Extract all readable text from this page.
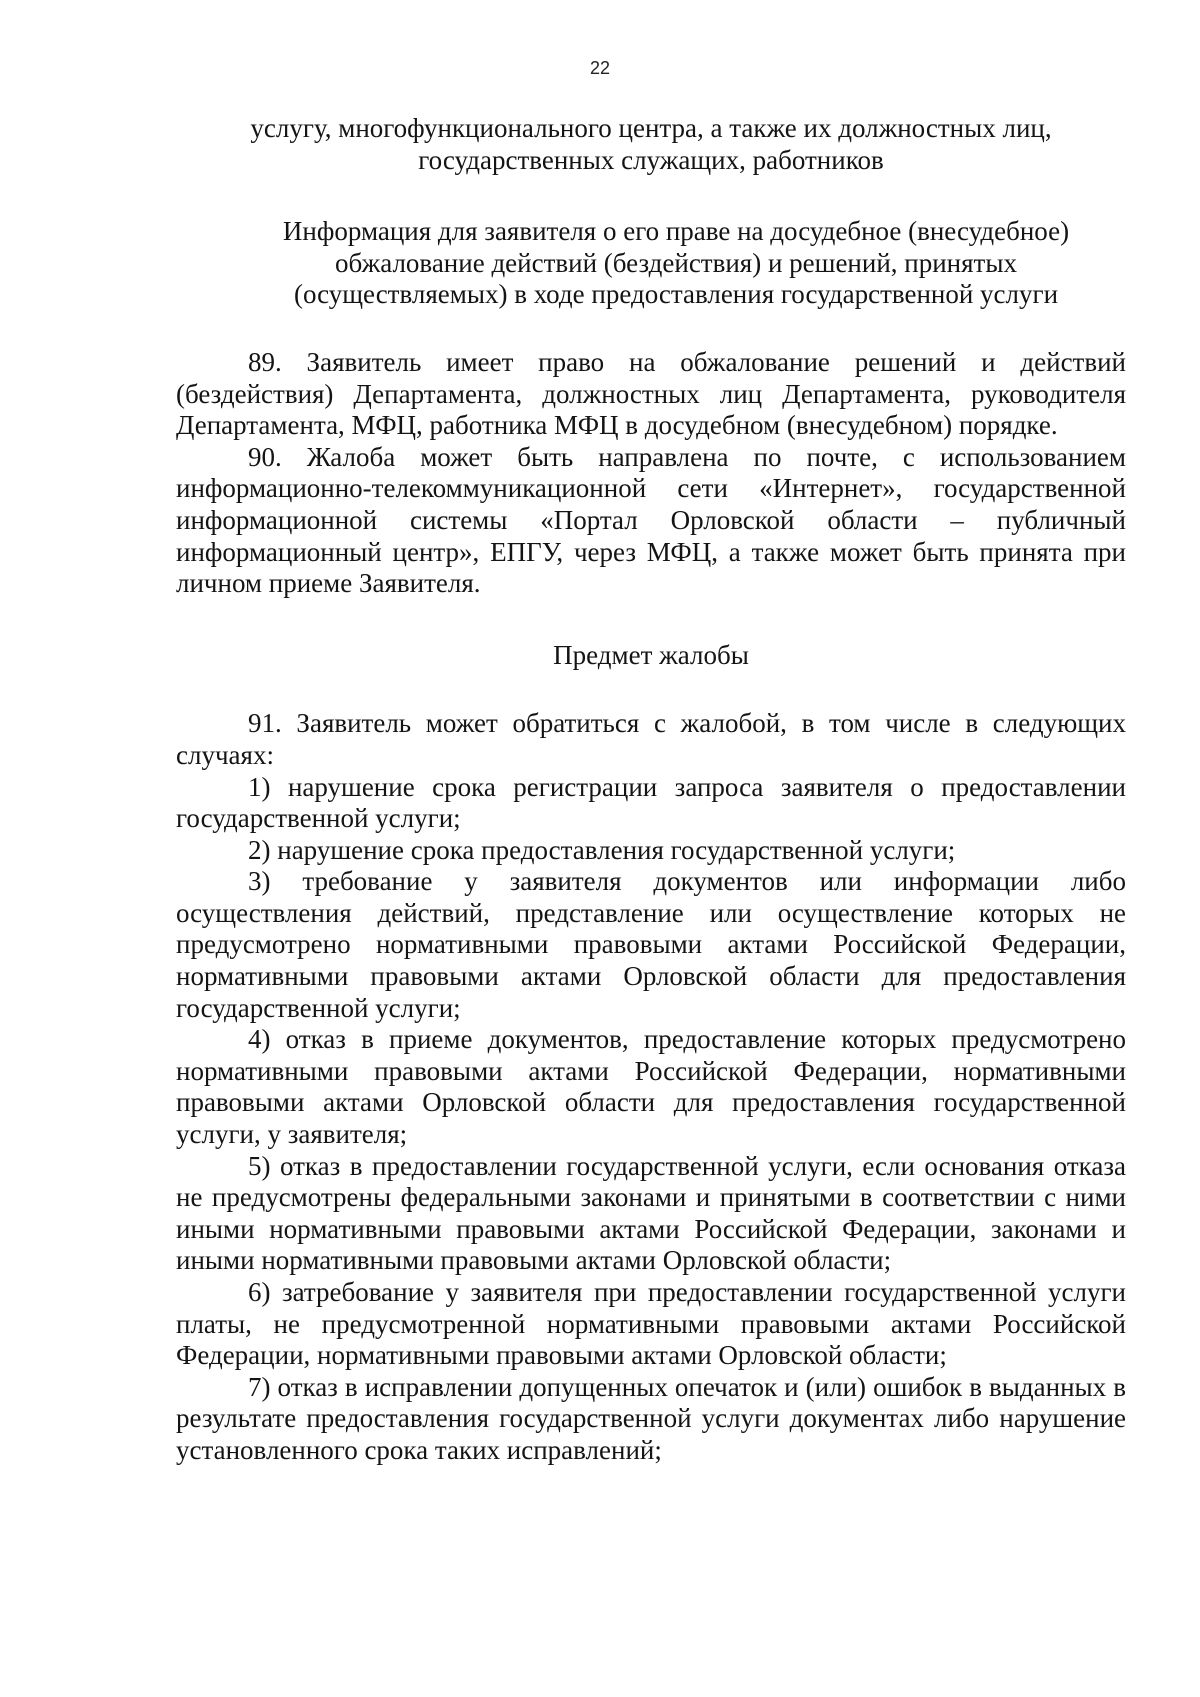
22
услугу, многофункционального центра, а также их должностных лиц,
государственных служащих, работников
Информация для заявителя о его праве на досудебное (внесудебное)
обжалование действий (бездействия) и решений, принятых
(осуществляемых) в ходе предоставления государственной услуги

89. Заявитель имеет право на обжалование решений и действий (бездействия) Департамента, должностных лиц Департамента, руководителя Департамента, МФЦ, работника МФЦ в досудебном (внесудебном) порядке.

90. Жалоба может быть направлена по почте, с использованием информационно-телекоммуникационной сети «Интернет», государственной информационной системы «Портал Орловской области – публичный информационный центр», ЕПГУ, через МФЦ, а также может быть принята при личном приеме Заявителя.

Предмет жалобы

91. Заявитель может обратиться с жалобой, в том числе в следующих случаях:

1) нарушение срока регистрации запроса заявителя о предоставлении государственной услуги;

2) нарушение срока предоставления государственной услуги;

3) требование у заявителя документов или информации либо осуществления действий, представление или осуществление которых не предусмотрено нормативными правовыми актами Российской Федерации, нормативными правовыми актами Орловской области для предоставления государственной услуги;

4) отказ в приеме документов, предоставление которых предусмотрено нормативными правовыми актами Российской Федерации, нормативными правовыми актами Орловской области для предоставления государственной услуги, у заявителя;

5) отказ в предоставлении государственной услуги, если основания отказа не предусмотрены федеральными законами и принятыми в соответствии с ними иными нормативными правовыми актами Российской Федерации, законами и иными нормативными правовыми актами Орловской области;

6) затребование у заявителя при предоставлении государственной услуги платы, не предусмотренной нормативными правовыми актами Российской Федерации, нормативными правовыми актами Орловской области;

7) отказ в исправлении допущенных опечаток и (или) ошибок в выданных в результате предоставления государственной услуги документах либо нарушение установленного срока таких исправлений;
